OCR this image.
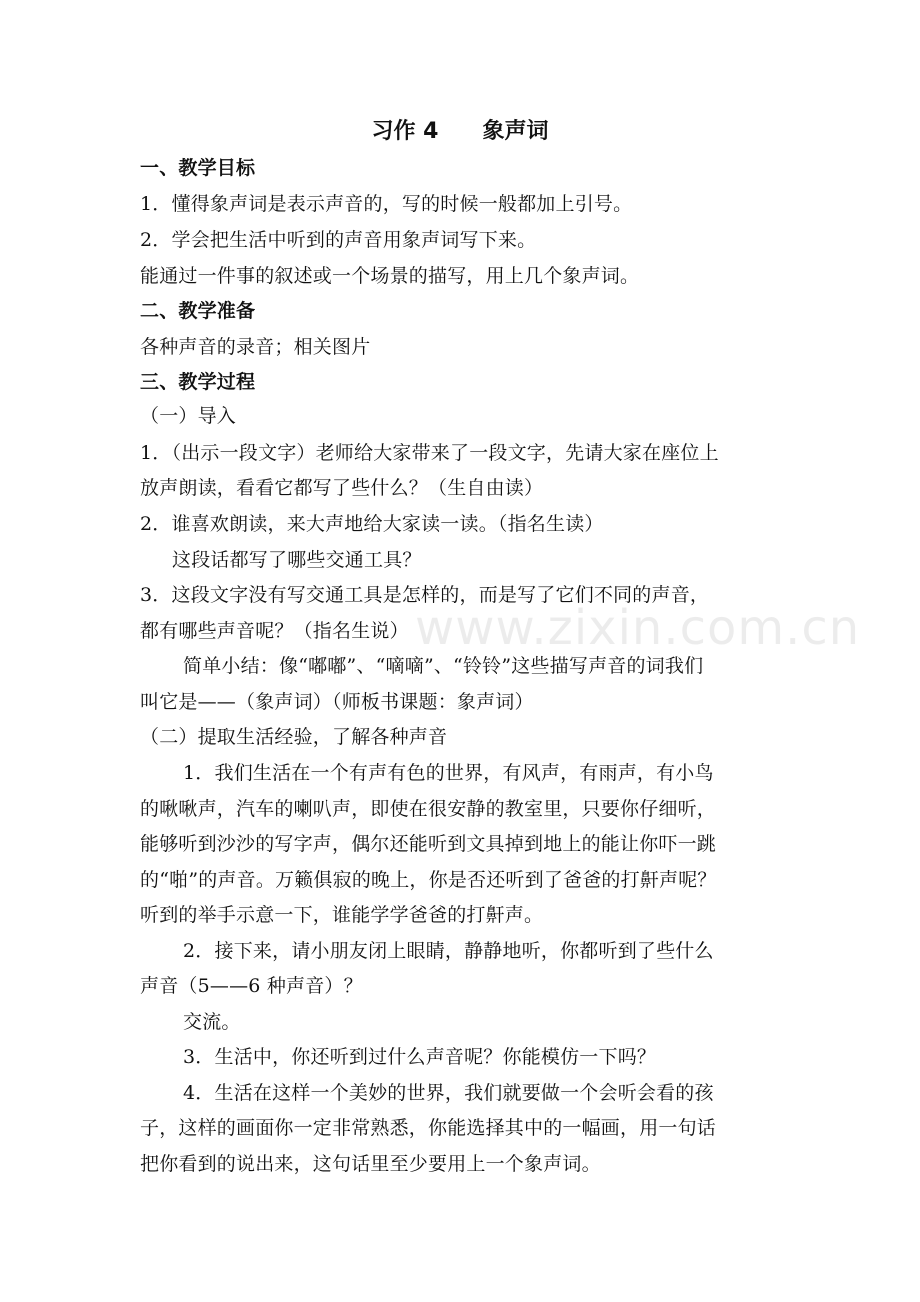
习作 4　　象声词
一、教学目标
1．懂得象声词是表示声音的，写的时候一般都加上引号。
2．学会把生活中听到的声音用象声词写下来。
能通过一件事的叙述或一个场景的描写，用上几个象声词。
二、教学准备
各种声音的录音；相关图片
三、教学过程
（一）导入
1．（出示一段文字）老师给大家带来了一段文字，先请大家在座位上
放声朗读，看看它都写了些什么？（生自由读）
2．谁喜欢朗读，来大声地给大家读一读。（指名生读）
这段话都写了哪些交通工具？
3．这段文字没有写交通工具是怎样的，而是写了它们不同的声音，
都有哪些声音呢？（指名生说）
简单小结：像“嘟嘟”、“嘀嘀”、“铃铃”这些描写声音的词我们
叫它是——（象声词）（师板书课题：象声词）
（二）提取生活经验，了解各种声音
1．我们生活在一个有声有色的世界，有风声，有雨声，有小鸟
的啾啾声，汽车的喇叭声，即使在很安静的教室里，只要你仔细听，
能够听到沙沙的写字声，偶尔还能听到文具掉到地上的能让你吓一跳
的“啪”的声音。万籁俱寂的晚上，你是否还听到了爸爸的打鼾声呢？
听到的举手示意一下，谁能学学爸爸的打鼾声。
2．接下来，请小朋友闭上眼睛，静静地听，你都听到了些什么
声音（5——6 种声音）？
交流。
3．生活中，你还听到过什么声音呢？你能模仿一下吗？
4．生活在这样一个美妙的世界，我们就要做一个会听会看的孩
子，这样的画面你一定非常熟悉，你能选择其中的一幅画，用一句话
把你看到的说出来，这句话里至少要用上一个象声词。
www.zixin.com.cn
